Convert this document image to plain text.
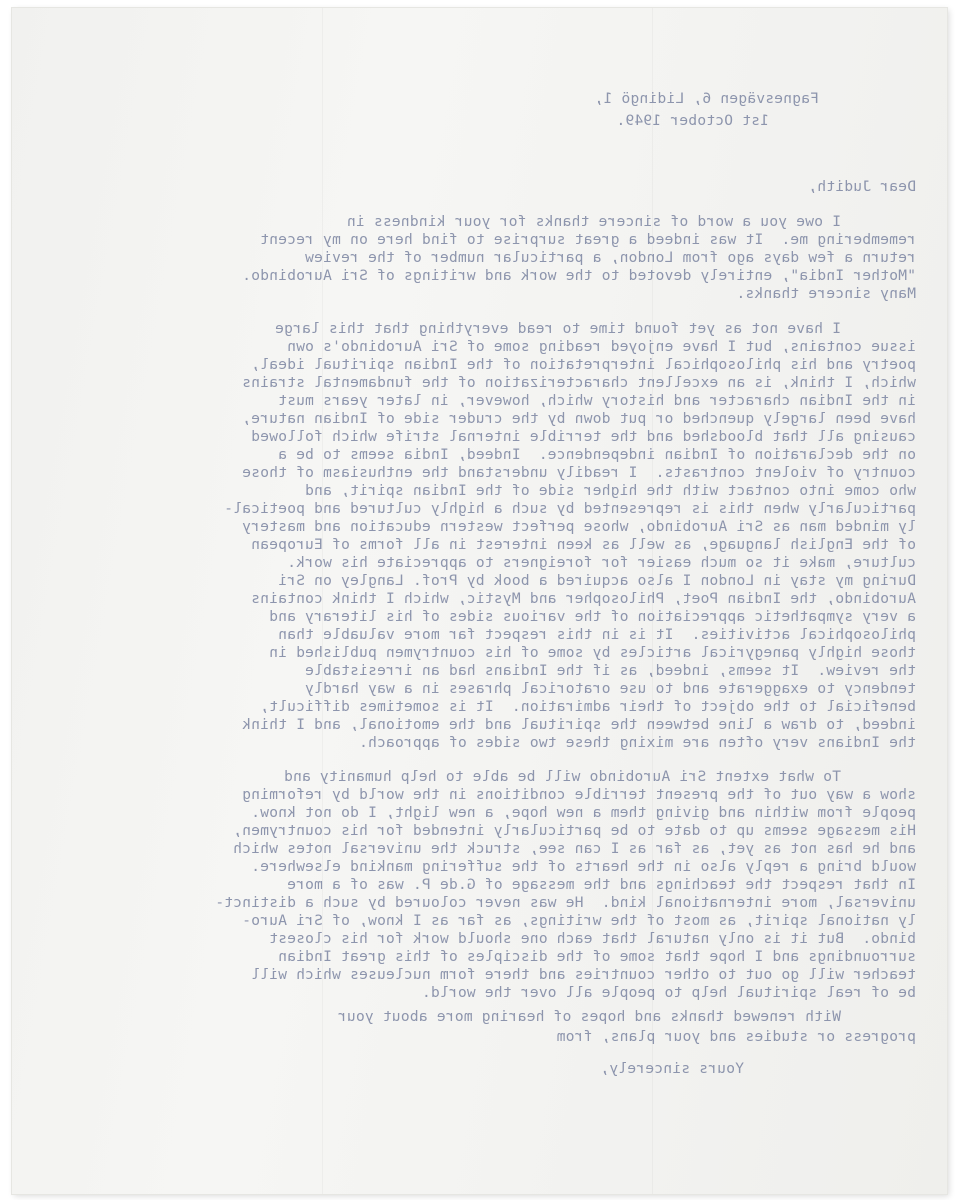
Fagnesvägen 6, Lidingö 1,
1st October 1949.
Dear Judith,
I owe you a word of sincere thanks for your kindness in
remembering me.  It was indeed a great surprise to find here on my recent
return a few days ago from London, a particular number of the review
"Mother India", entirely devoted to the work and writings of Sri Aurobindo.
Many sincere thanks.
I have not as yet found time to read everything that this large
issue contains, but I have enjoyed reading some of Sri Aurobindo's own
poetry and his philosophical interpretation of the Indian spiritual ideal,
which, I think, is an excellent characterization of the fundamental strains
in the Indian character and history which, however, in later years must
have been largely quenched or put down by the cruder side of Indian nature,
causing all that bloodshed and the terrible internal strife which followed
on the declaration of Indian independence.  Indeed, India seems to be a
country of violent contrasts.  I readily understand the enthusiasm of those
who come into contact with the higher side of the Indian spirit, and
particularly when this is represented by such a highly cultured and poetical-
ly minded man as Sri Aurobindo, whose perfect western education and mastery
of the English language, as well as keen interest in all forms of European
culture, make it so much easier for foreigners to appreciate his work.
During my stay in London I also acquired a book by Prof. Langley on Sri
Aurobindo, the Indian Poet, Philosopher and Mystic, which I think contains
a very sympathetic appreciation of the various sides of his literary and
philosophical activities.  It is in this respect far more valuable than
those highly panegyrical articles by some of his countrymen published in
the review.  It seems, indeed, as if the Indians had an irresistable
tendency to exaggerate and to use oratorical phrases in a way hardly
beneficial to the object of their admiration.  It is sometimes difficult,
indeed, to draw a line between the spiritual and the emotional, and I think
the Indians very often are mixing these two sides of approach.
To what extent Sri Aurobindo will be able to help humanity and
show a way out of the present terrible conditions in the world by reforming
people from within and giving them a new hope, a new light, I do not know.
His message seems up to date to be particularly intended for his countrymen,
and he has not as yet, as far as I can see, struck the universal notes which
would bring a reply also in the hearts of the suffering mankind elsewhere.
In that respect the teachings and the message of G.de P. was of a more
universal, more international kind.  He was never coloured by such a distinct-
ly national spirit, as most of the writings, as far as I know, of Sri Auro-
bindo.  But it is only natural that each one should work for his closest
surroundings and I hope that some of the disciples of this great Indian
teacher will go out to other countries and there form nucleuses which will
be of real spiritual help to people all over the world.
With renewed thanks and hopes of hearing more about your
progress or studies and your plans, from
Yours sincerely,
